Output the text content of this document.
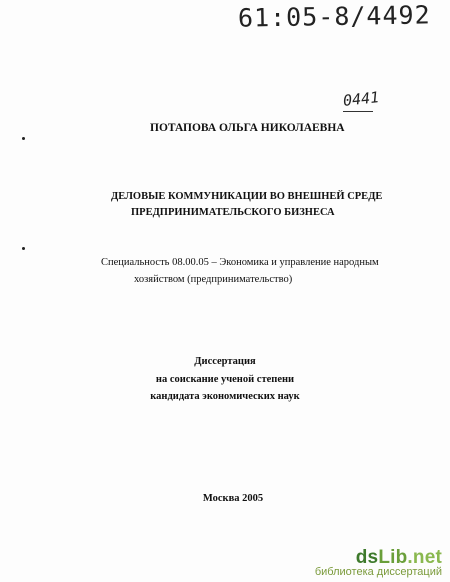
61:05-8/4492
0441
ПОТАПОВА ОЛЬГА НИКОЛАЕВНА
ДЕЛОВЫЕ КОММУНИКАЦИИ ВО ВНЕШНЕЙ СРЕДЕ
ПРЕДПРИНИМАТЕЛЬСКОГО БИЗНЕСА
Специальность 08.00.05 – Экономика и управление народным
хозяйством (предпринимательство)
Диссертация
на соискание ученой степени
кандидата экономических наук
Москва 2005
dsLib.net
библиотека диссертаций
